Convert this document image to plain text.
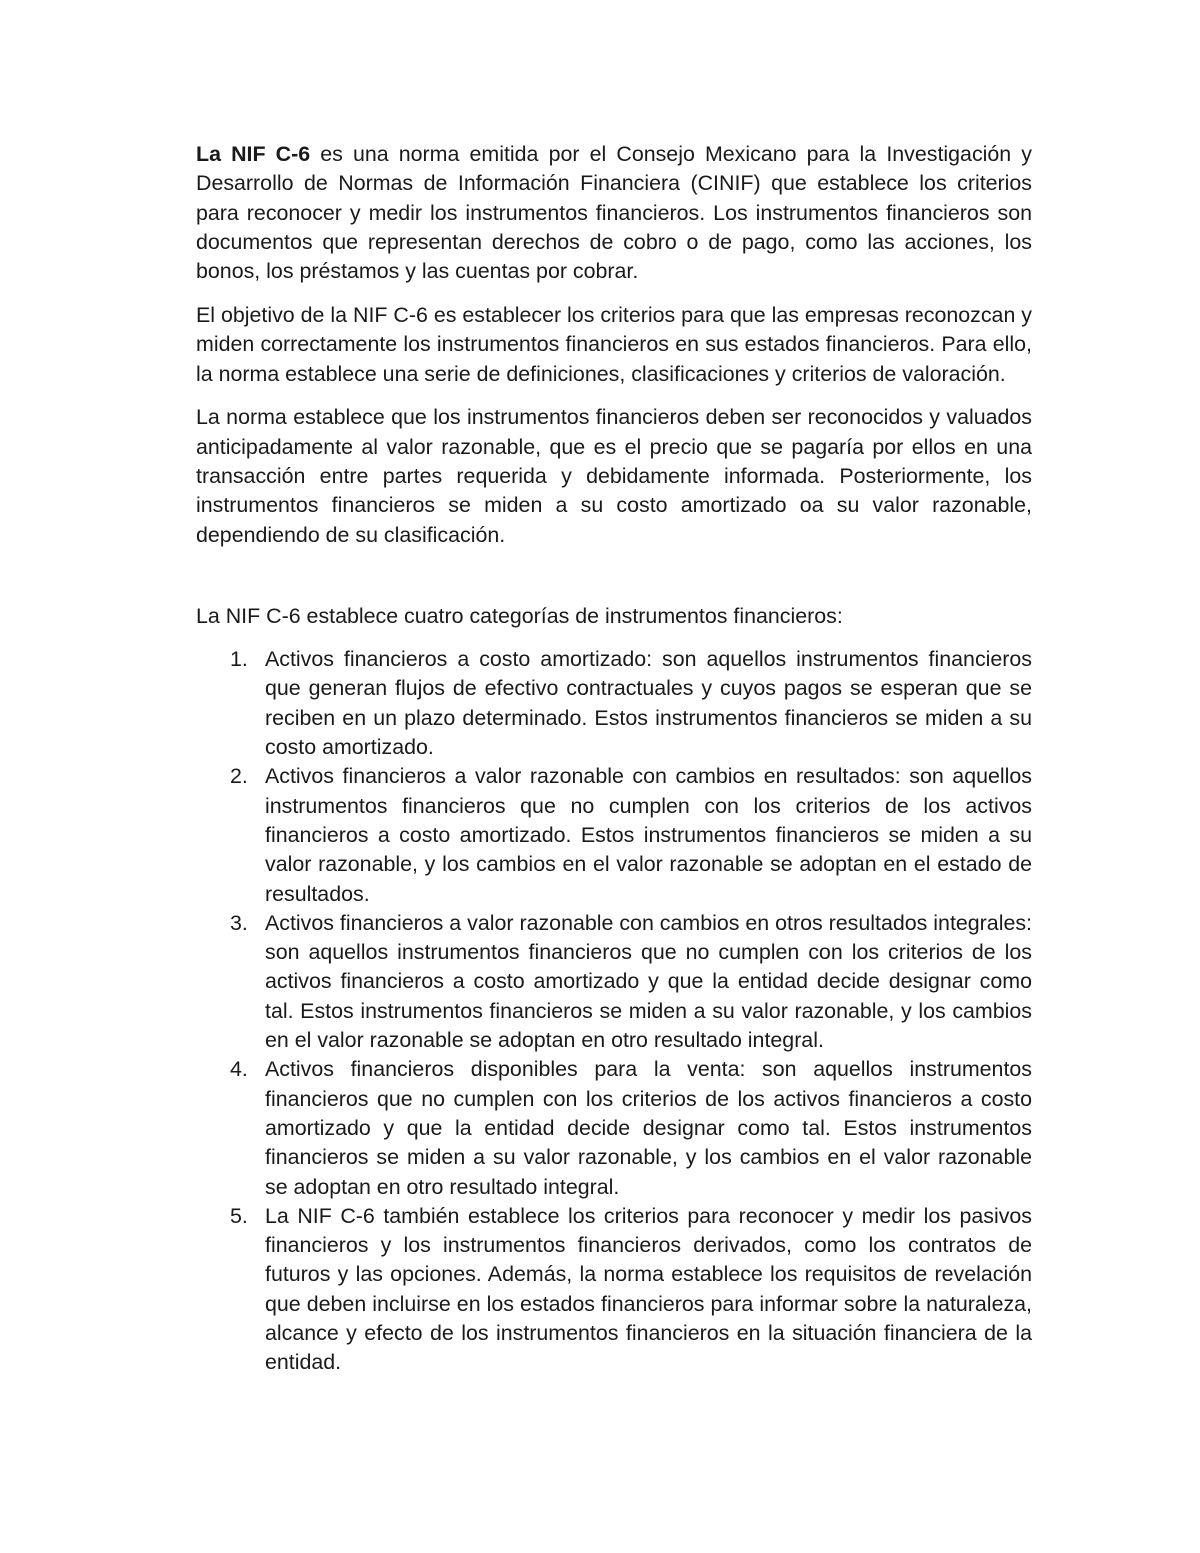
La NIF C-6 es una norma emitida por el Consejo Mexicano para la Investigación y Desarrollo de Normas de Información Financiera (CINIF) que establece los criterios para reconocer y medir los instrumentos financieros. Los instrumentos financieros son documentos que representan derechos de cobro o de pago, como las acciones, los bonos, los préstamos y las cuentas por cobrar.

El objetivo de la NIF C-6 es establecer los criterios para que las empresas reconozcan y miden correctamente los instrumentos financieros en sus estados financieros. Para ello, la norma establece una serie de definiciones, clasificaciones y criterios de valoración.

La norma establece que los instrumentos financieros deben ser reconocidos y valuados anticipadamente al valor razonable, que es el precio que se pagaría por ellos en una transacción entre partes requerida y debidamente informada. Posteriormente, los instrumentos financieros se miden a su costo amortizado oa su valor razonable, dependiendo de su clasificación.

La NIF C-6 establece cuatro categorías de instrumentos financieros:

1. Activos financieros a costo amortizado: son aquellos instrumentos financieros que generan flujos de efectivo contractuales y cuyos pagos se esperan que se reciben en un plazo determinado. Estos instrumentos financieros se miden a su costo amortizado.
2. Activos financieros a valor razonable con cambios en resultados: son aquellos instrumentos financieros que no cumplen con los criterios de los activos financieros a costo amortizado. Estos instrumentos financieros se miden a su valor razonable, y los cambios en el valor razonable se adoptan en el estado de resultados.
3. Activos financieros a valor razonable con cambios en otros resultados integrales: son aquellos instrumentos financieros que no cumplen con los criterios de los activos financieros a costo amortizado y que la entidad decide designar como tal. Estos instrumentos financieros se miden a su valor razonable, y los cambios en el valor razonable se adoptan en otro resultado integral.
4. Activos financieros disponibles para la venta: son aquellos instrumentos financieros que no cumplen con los criterios de los activos financieros a costo amortizado y que la entidad decide designar como tal. Estos instrumentos financieros se miden a su valor razonable, y los cambios en el valor razonable se adoptan en otro resultado integral.
5. La NIF C-6 también establece los criterios para reconocer y medir los pasivos financieros y los instrumentos financieros derivados, como los contratos de futuros y las opciones. Además, la norma establece los requisitos de revelación que deben incluirse en los estados financieros para informar sobre la naturaleza, alcance y efecto de los instrumentos financieros en la situación financiera de la entidad.
